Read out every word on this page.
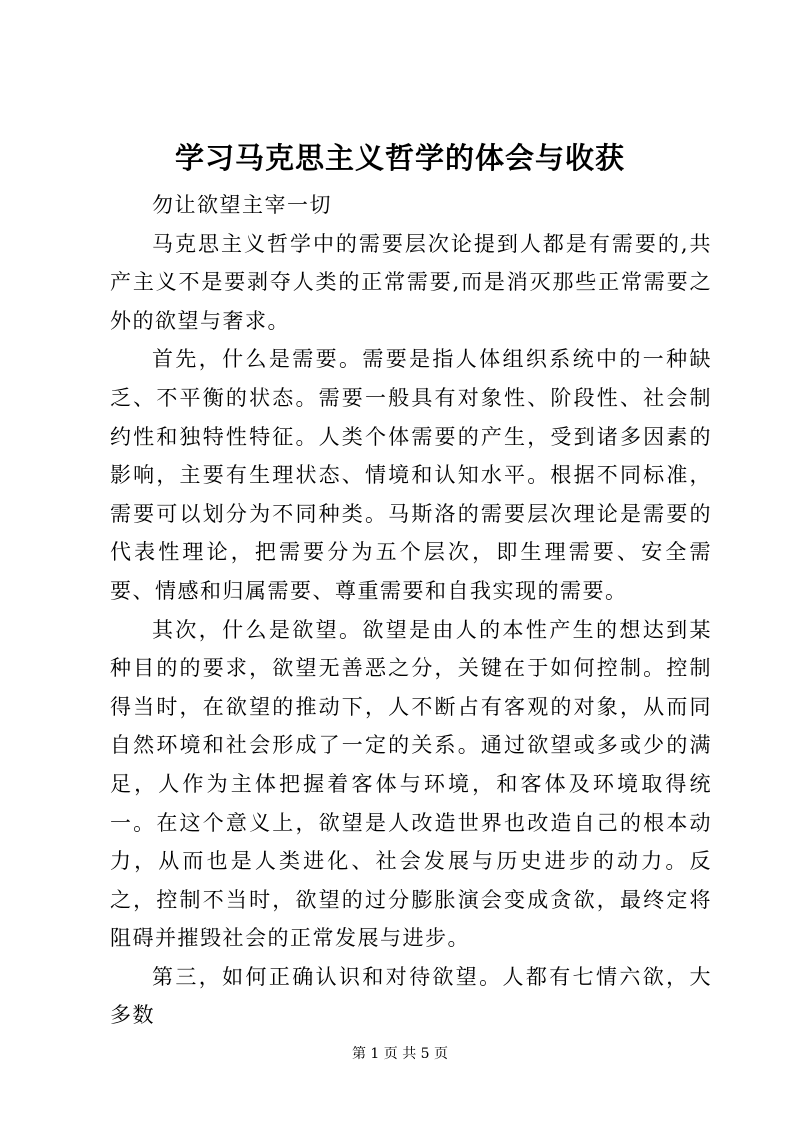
学习马克思主义哲学的体会与收获

勿让欲望主宰一切

马克思主义哲学中的需要层次论提到人都是有需要的,共产主义不是要剥夺人类的正常需要,而是消灭那些正常需要之外的欲望与奢求。

首先，什么是需要。需要是指人体组织系统中的一种缺乏、不平衡的状态。需要一般具有对象性、阶段性、社会制约性和独特性特征。人类个体需要的产生，受到诸多因素的影响，主要有生理状态、情境和认知水平。根据不同标准，需要可以划分为不同种类。马斯洛的需要层次理论是需要的代表性理论，把需要分为五个层次，即生理需要、安全需要、情感和归属需要、尊重需要和自我实现的需要。

其次，什么是欲望。欲望是由人的本性产生的想达到某种目的的要求，欲望无善恶之分，关键在于如何控制。控制得当时，在欲望的推动下，人不断占有客观的对象，从而同自然环境和社会形成了一定的关系。通过欲望或多或少的满足，人作为主体把握着客体与环境，和客体及环境取得统一。在这个意义上，欲望是人改造世界也改造自己的根本动力，从而也是人类进化、社会发展与历史进步的动力。反之，控制不当时，欲望的过分膨胀演会变成贪欲，最终定将阻碍并摧毁社会的正常发展与进步。

第三，如何正确认识和对待欲望。人都有七情六欲，大多数

第 1 页 共 5 页
